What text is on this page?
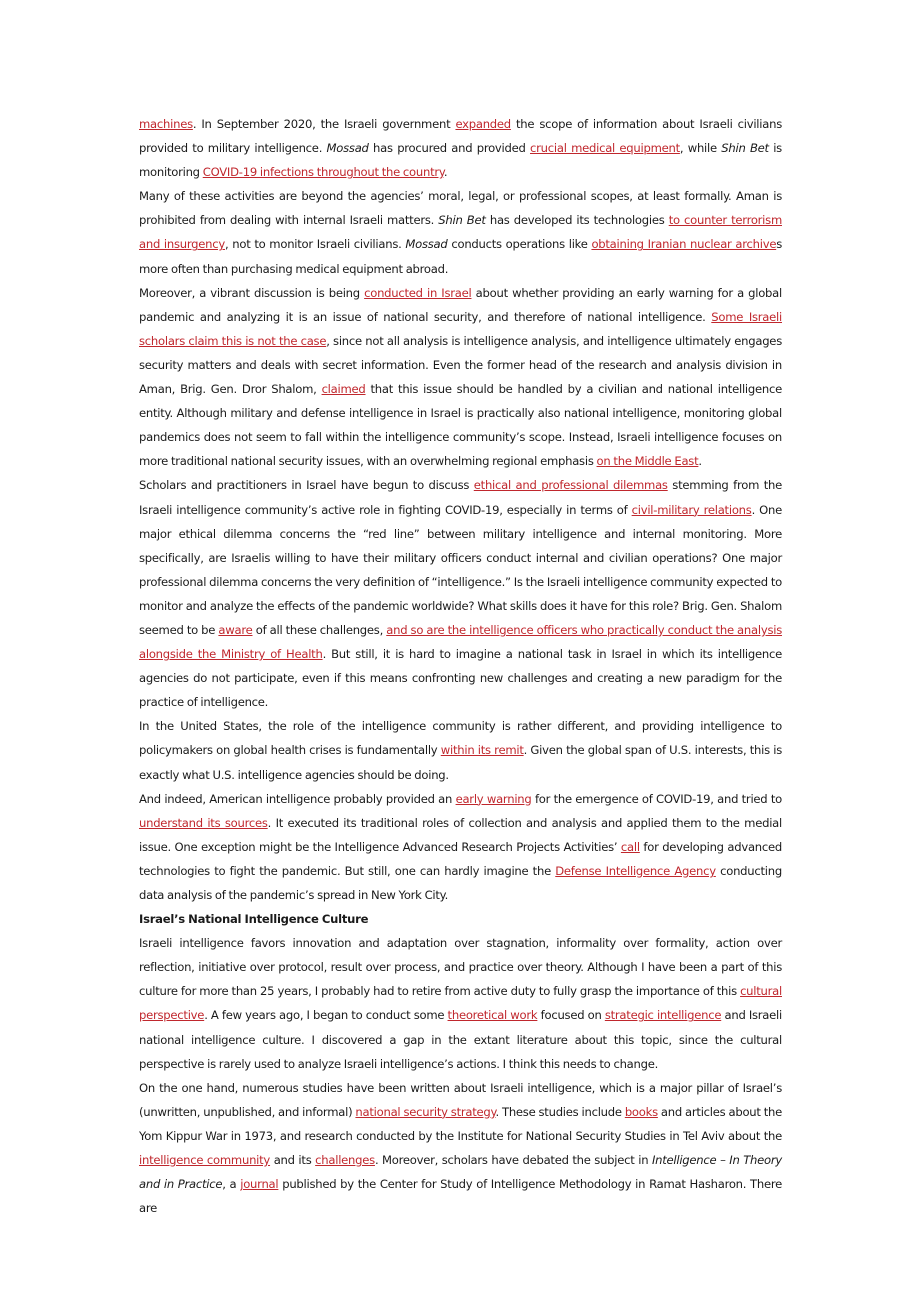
machines. In September 2020, the Israeli government expanded the scope of information about Israeli civilians provided to military intelligence. Mossad has procured and provided crucial medical equipment, while Shin Bet is monitoring COVID-19 infections throughout the country.

Many of these activities are beyond the agencies’ moral, legal, or professional scopes, at least formally. Aman is prohibited from dealing with internal Israeli matters. Shin Bet has developed its technologies to counter terrorism and insurgency, not to monitor Israeli civilians. Mossad conducts operations like obtaining Iranian nuclear archives more often than purchasing medical equipment abroad.

Moreover, a vibrant discussion is being conducted in Israel about whether providing an early warning for a global pandemic and analyzing it is an issue of national security, and therefore of national intelligence. Some Israeli scholars claim this is not the case, since not all analysis is intelligence analysis, and intelligence ultimately engages security matters and deals with secret information. Even the former head of the research and analysis division in Aman, Brig. Gen. Dror Shalom, claimed that this issue should be handled by a civilian and national intelligence entity. Although military and defense intelligence in Israel is practically also national intelligence, monitoring global pandemics does not seem to fall within the intelligence community’s scope. Instead, Israeli intelligence focuses on more traditional national security issues, with an overwhelming regional emphasis on the Middle East.

Scholars and practitioners in Israel have begun to discuss ethical and professional dilemmas stemming from the Israeli intelligence community’s active role in fighting COVID-19, especially in terms of civil-military relations. One major ethical dilemma concerns the “red line” between military intelligence and internal monitoring. More specifically, are Israelis willing to have their military officers conduct internal and civilian operations? One major professional dilemma concerns the very definition of “intelligence.” Is the Israeli intelligence community expected to monitor and analyze the effects of the pandemic worldwide? What skills does it have for this role? Brig. Gen. Shalom seemed to be aware of all these challenges, and so are the intelligence officers who practically conduct the analysis alongside the Ministry of Health. But still, it is hard to imagine a national task in Israel in which its intelligence agencies do not participate, even if this means confronting new challenges and creating a new paradigm for the practice of intelligence.

In the United States, the role of the intelligence community is rather different, and providing intelligence to policymakers on global health crises is fundamentally within its remit. Given the global span of U.S. interests, this is exactly what U.S. intelligence agencies should be doing.

And indeed, American intelligence probably provided an early warning for the emergence of COVID-19, and tried to understand its sources. It executed its traditional roles of collection and analysis and applied them to the medial issue. One exception might be the Intelligence Advanced Research Projects Activities’ call for developing advanced technologies to fight the pandemic. But still, one can hardly imagine the Defense Intelligence Agency conducting data analysis of the pandemic’s spread in New York City.

Israel’s National Intelligence Culture

Israeli intelligence favors innovation and adaptation over stagnation, informality over formality, action over reflection, initiative over protocol, result over process, and practice over theory. Although I have been a part of this culture for more than 25 years, I probably had to retire from active duty to fully grasp the importance of this cultural perspective. A few years ago, I began to conduct some theoretical work focused on strategic intelligence and Israeli national intelligence culture. I discovered a gap in the extant literature about this topic, since the cultural perspective is rarely used to analyze Israeli intelligence’s actions. I think this needs to change.

On the one hand, numerous studies have been written about Israeli intelligence, which is a major pillar of Israel’s (unwritten, unpublished, and informal) national security strategy. These studies include books and articles about the Yom Kippur War in 1973, and research conducted by the Institute for National Security Studies in Tel Aviv about the intelligence community and its challenges. Moreover, scholars have debated the subject in Intelligence – In Theory and in Practice, a journal published by the Center for Study of Intelligence Methodology in Ramat Hasharon. There are
